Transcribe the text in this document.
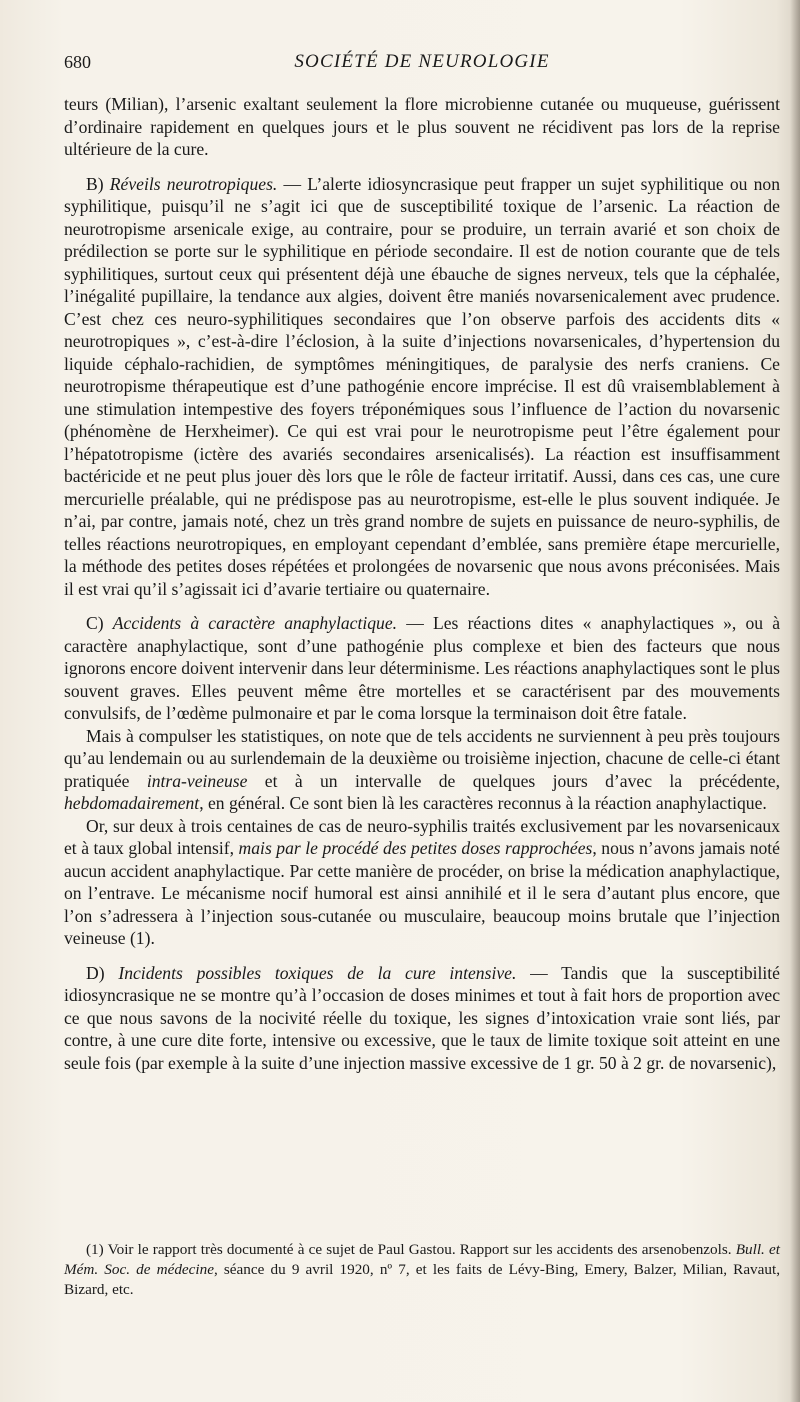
680	SOCIÉTÉ DE NEUROLOGIE

teurs (Milian), l’arsenic exaltant seulement la flore microbienne cutanée ou muqueuse, guérissent d’ordinaire rapidement en quelques jours et le plus souvent ne récidivent pas lors de la reprise ultérieure de la cure.

B) Réveils neurotropiques. — L’alerte idiosyncrasique peut frapper un sujet syphilitique ou non syphilitique, puisqu’il ne s’agit ici que de susceptibilité toxique de l’arsenic. La réaction de neurotropisme arsenicale exige, au contraire, pour se produire, un terrain avarié et son choix de prédilection se porte sur le syphilitique en période secondaire. Il est de notion courante que de tels syphilitiques, surtout ceux qui présentent déjà une ébauche de signes nerveux, tels que la céphalée, l’inégalité pupillaire, la tendance aux algies, doivent être maniés novarsenicalement avec prudence. C’est chez ces neuro-syphilitiques secondaires que l’on observe parfois des accidents dits « neurotropiques », c’est-à-dire l’éclosion, à la suite d’injections novarsenicales, d’hypertension du liquide céphalo-rachidien, de symptômes méningitiques, de paralysie des nerfs craniens. Ce neurotropisme thérapeutique est d’une pathogénie encore imprécise. Il est dû vraisemblablement à une stimulation intempestive des foyers tréponémiques sous l’influence de l’action du novarsenic (phénomène de Herxheimer). Ce qui est vrai pour le neurotropisme peut l’être également pour l’hépatotropisme (ictère des avariés secondaires arsenicalisés). La réaction est insuffisamment bactéricide et ne peut plus jouer dès lors que le rôle de facteur irritatif. Aussi, dans ces cas, une cure mercurielle préalable, qui ne prédispose pas au neurotropisme, est-elle le plus souvent indiquée. Je n’ai, par contre, jamais noté, chez un très grand nombre de sujets en puissance de neuro-syphilis, de telles réactions neurotropiques, en employant cependant d’emblée, sans première étape mercurielle, la méthode des petites doses répétées et prolongées de novarsenic que nous avons préconisées. Mais il est vrai qu’il s’agissait ici d’avarie tertiaire ou quaternaire.

C) Accidents à caractère anaphylactique. — Les réactions dites « anaphylactiques », ou à caractère anaphylactique, sont d’une pathogénie plus complexe et bien des facteurs que nous ignorons encore doivent intervenir dans leur déterminisme. Les réactions anaphylactiques sont le plus souvent graves. Elles peuvent même être mortelles et se caractérisent par des mouvements convulsifs, de l’œdème pulmonaire et par le coma lorsque la terminaison doit être fatale.

Mais à compulser les statistiques, on note que de tels accidents ne surviennent à peu près toujours qu’au lendemain ou au surlendemain de la deuxième ou troisième injection, chacune de celle-ci étant pratiquée intra-veineuse et à un intervalle de quelques jours d’avec la précédente, hebdomadairement, en général. Ce sont bien là les caractères reconnus à la réaction anaphylactique.

Or, sur deux à trois centaines de cas de neuro-syphilis traités exclusivement par les novarsenicaux et à taux global intensif, mais par le procédé des petites doses rapprochées, nous n’avons jamais noté aucun accident anaphylactique. Par cette manière de procéder, on brise la médication anaphylactique, on l’entrave. Le mécanisme nocif humoral est ainsi annihilé et il le sera d’autant plus encore, que l’on s’adressera à l’injection sous-cutanée ou musculaire, beaucoup moins brutale que l’injection veineuse (1).

D) Incidents possibles toxiques de la cure intensive. — Tandis que la susceptibilité idiosyncrasique ne se montre qu’à l’occasion de doses minimes et tout à fait hors de proportion avec ce que nous savons de la nocivité réelle du toxique, les signes d’intoxication vraie sont liés, par contre, à une cure dite forte, intensive ou excessive, que le taux de limite toxique soit atteint en une seule fois (par exemple à la suite d’une injection massive excessive de 1 gr. 50 à 2 gr. de novarsenic),

(1) Voir le rapport très documenté à ce sujet de Paul Gastou. Rapport sur les accidents des arsenobenzols. Bull. et Mém. Soc. de médecine, séance du 9 avril 1920, nº 7, et les faits de Lévy-Bing, Emery, Balzer, Milian, Ravaut, Bizard, etc.
